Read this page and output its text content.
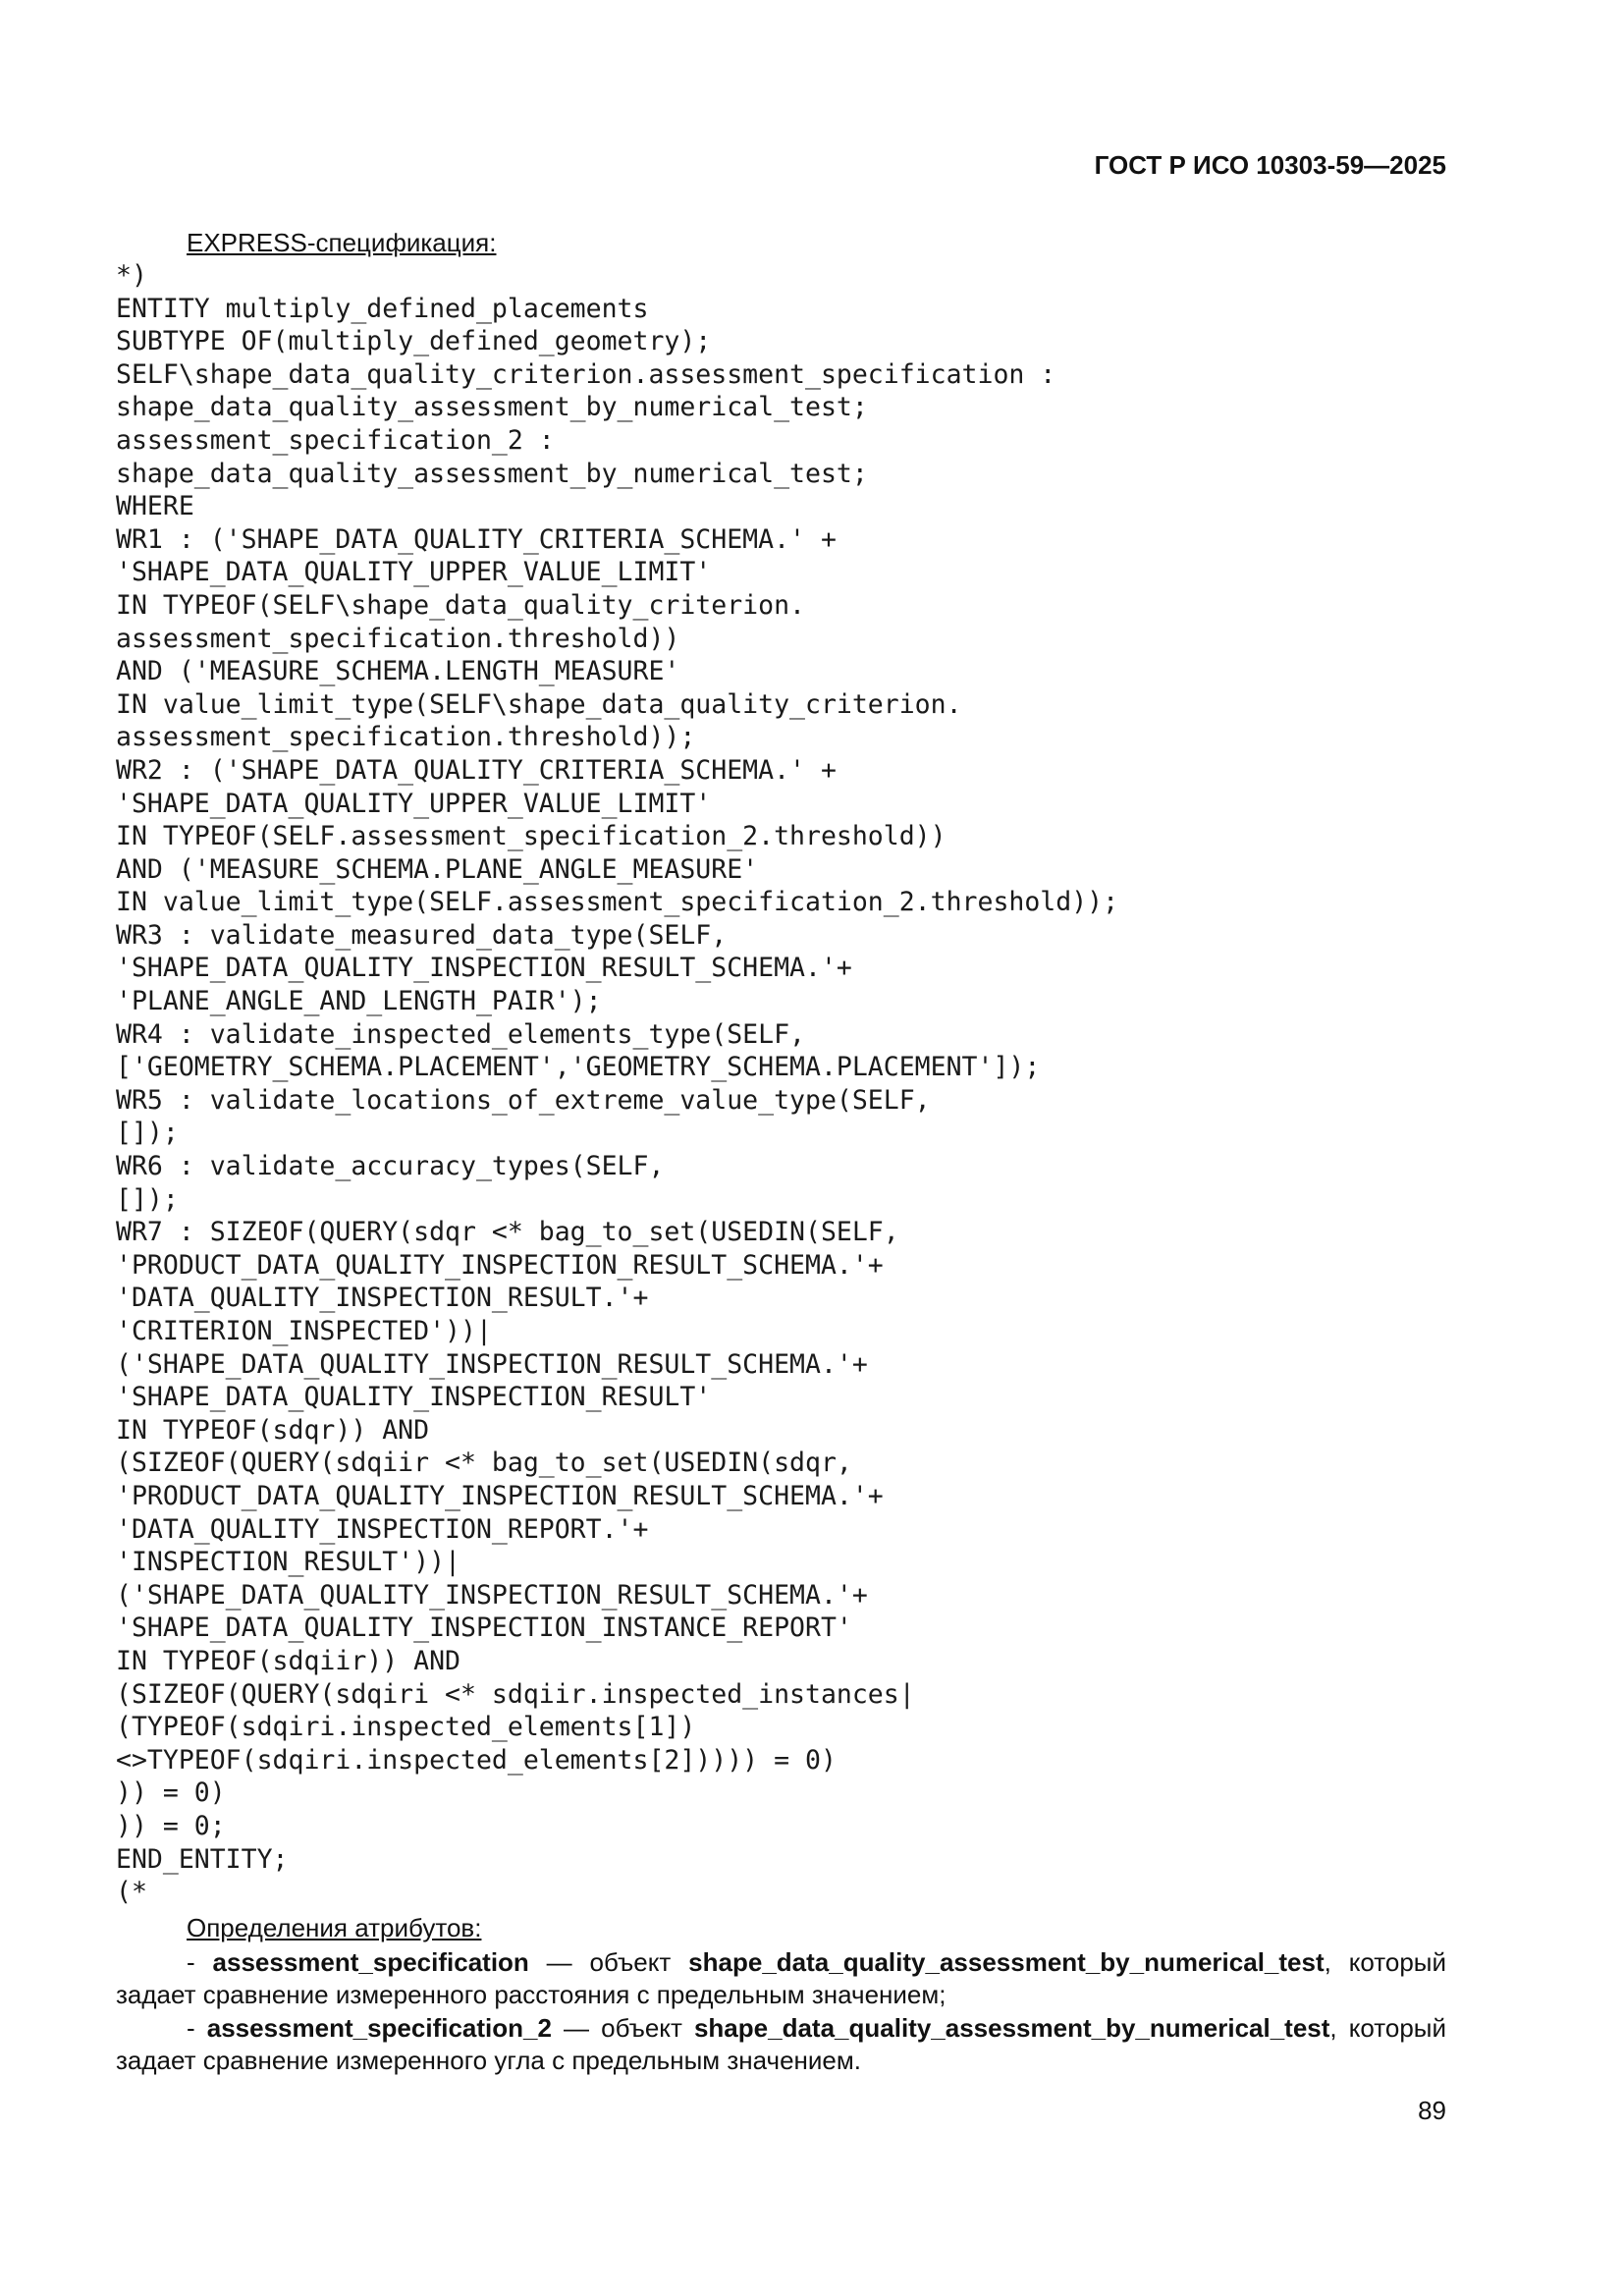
ГОСТ Р ИСО 10303-59—2025

EXPRESS-спецификация:

*)
ENTITY multiply_defined_placements
SUBTYPE OF(multiply_defined_geometry);
SELF\shape_data_quality_criterion.assessment_specification :
shape_data_quality_assessment_by_numerical_test;
assessment_specification_2 :
shape_data_quality_assessment_by_numerical_test;
WHERE
WR1 : ('SHAPE_DATA_QUALITY_CRITERIA_SCHEMA.' +
'SHAPE_DATA_QUALITY_UPPER_VALUE_LIMIT'
IN TYPEOF(SELF\shape_data_quality_criterion.
assessment_specification.threshold))
AND ('MEASURE_SCHEMA.LENGTH_MEASURE'
IN value_limit_type(SELF\shape_data_quality_criterion.
assessment_specification.threshold));
WR2 : ('SHAPE_DATA_QUALITY_CRITERIA_SCHEMA.' +
'SHAPE_DATA_QUALITY_UPPER_VALUE_LIMIT'
IN TYPEOF(SELF.assessment_specification_2.threshold))
AND ('MEASURE_SCHEMA.PLANE_ANGLE_MEASURE'
IN value_limit_type(SELF.assessment_specification_2.threshold));
WR3 : validate_measured_data_type(SELF,
'SHAPE_DATA_QUALITY_INSPECTION_RESULT_SCHEMA.'+
'PLANE_ANGLE_AND_LENGTH_PAIR');
WR4 : validate_inspected_elements_type(SELF,
['GEOMETRY_SCHEMA.PLACEMENT','GEOMETRY_SCHEMA.PLACEMENT']);
WR5 : validate_locations_of_extreme_value_type(SELF,
[]);
WR6 : validate_accuracy_types(SELF,
[]);
WR7 : SIZEOF(QUERY(sdqr <* bag_to_set(USEDIN(SELF,
'PRODUCT_DATA_QUALITY_INSPECTION_RESULT_SCHEMA.'+
'DATA_QUALITY_INSPECTION_RESULT.'+
'CRITERION_INSPECTED'))|
('SHAPE_DATA_QUALITY_INSPECTION_RESULT_SCHEMA.'+
'SHAPE_DATA_QUALITY_INSPECTION_RESULT'
IN TYPEOF(sdqr)) AND
(SIZEOF(QUERY(sdqiir <* bag_to_set(USEDIN(sdqr,
'PRODUCT_DATA_QUALITY_INSPECTION_RESULT_SCHEMA.'+
'DATA_QUALITY_INSPECTION_REPORT.'+
'INSPECTION_RESULT'))|
('SHAPE_DATA_QUALITY_INSPECTION_RESULT_SCHEMA.'+
'SHAPE_DATA_QUALITY_INSPECTION_INSTANCE_REPORT'
IN TYPEOF(sdqiir)) AND
(SIZEOF(QUERY(sdqiri <* sdqiir.inspected_instances|
(TYPEOF(sdqiri.inspected_elements[1])
<>TYPEOF(sdqiri.inspected_elements[2])))) = 0)
)) = 0)
)) = 0;
END_ENTITY;
(*

Определения атрибутов:

- assessment_specification — объект shape_data_quality_assessment_by_numerical_test, который задает сравнение измеренного расстояния с предельным значением;

- assessment_specification_2 — объект shape_data_quality_assessment_by_numerical_test, который задает сравнение измеренного угла с предельным значением.

89
